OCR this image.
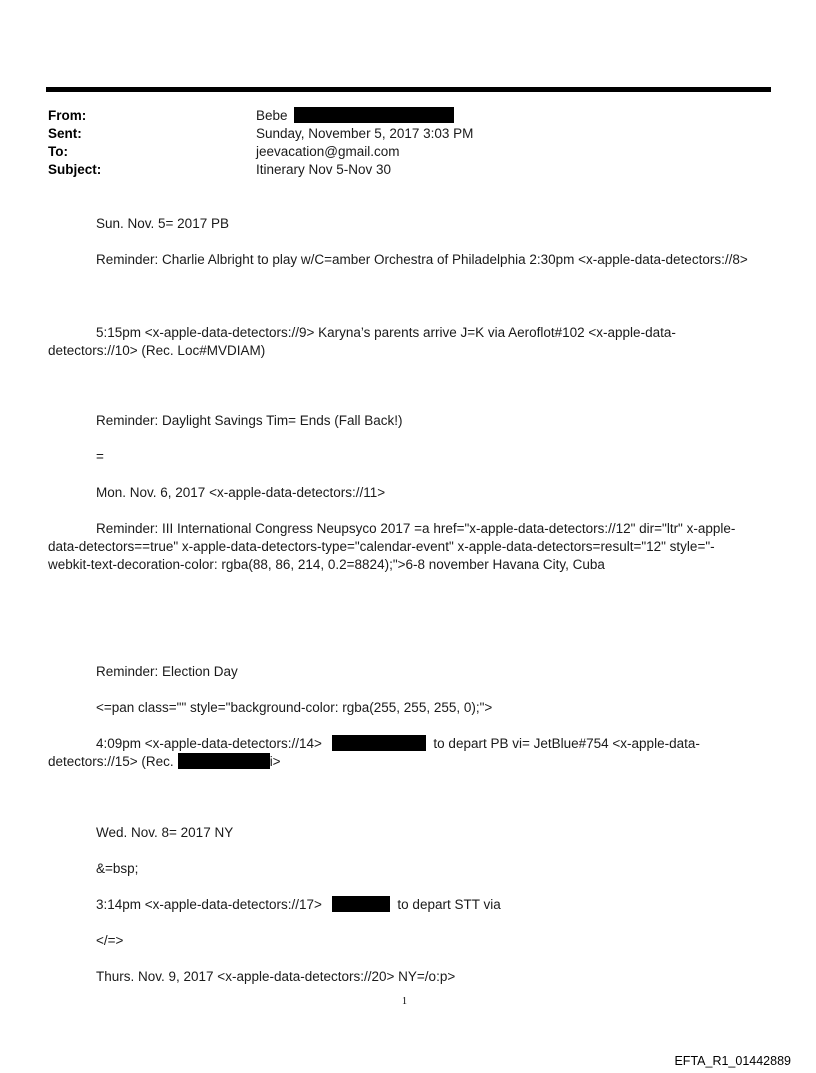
From:	Bebe
Sent:	Sunday, November 5, 2017 3:03 PM
To:	jeevacation@gmail.com
Subject:	Itinerary Nov 5-Nov 30
Sun. Nov. 5= 2017 PB
Reminder: Charlie Albright to play w/C=amber Orchestra of Philadelphia 2:30pm <x-apple-data-detectors://8>
5:15pm <x-apple-data-detectors://9> Karyna’s parents arrive J=K via Aeroflot#102 <x-apple-data-
detectors://10> (Rec. Loc#MVDIAM)
Reminder: Daylight Savings Tim= Ends (Fall Back!)
=
Mon. Nov. 6, 2017 <x-apple-data-detectors://11>
Reminder: III International Congress Neupsyco 2017 =a href="x-apple-data-detectors://12" dir="ltr" x-apple-
data-detectors==true" x-apple-data-detectors-type="calendar-event" x-apple-data-detectors=result="12" style="-
webkit-text-decoration-color: rgba(88, 86, 214, 0.2=8824);">6-8 november Havana City, Cuba
Reminder: Election Day
<=pan class="" style="background-color: rgba(255, 255, 255, 0);">
4:09pm <x-apple-data-detectors://14>	to depart PB vi= JetBlue#754 <x-apple-data-
detectors://15> (Rec.	i>
Wed. Nov. 8= 2017 NY
&=bsp;
3:14pm <x-apple-data-detectors://17>	to depart STT via
</=>
Thurs. Nov. 9, 2017 <x-apple-data-detectors://20> NY=/o:p>
1
EFTA_R1_01442889
